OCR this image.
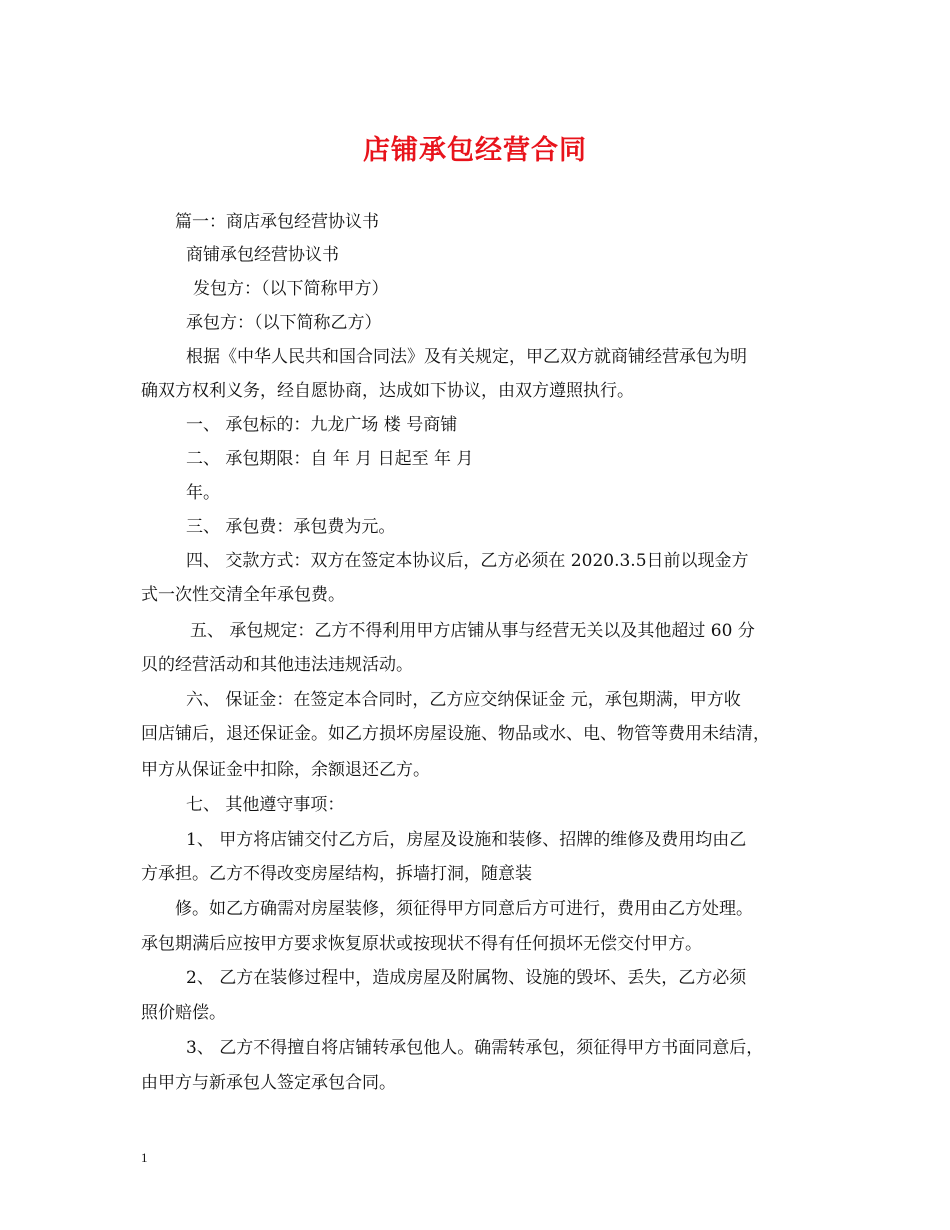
店铺承包经营合同
篇一：商店承包经营协议书
商铺承包经营协议书
发包方：（以下简称甲方）
承包方：（以下简称乙方）
根据《中华人民共和国合同法》及有关规定，甲乙双方就商铺经营承包为明
确双方权利义务，经自愿协商，达成如下协议，由双方遵照执行。
一、 承包标的：九龙广场 楼 号商铺
二、 承包期限：自 年 月 日起至 年 月
年。
三、 承包费：承包费为元。
四、 交款方式：双方在签定本协议后，乙方必须在 2020.3.5日前以现金方
式一次性交清全年承包费。
五、 承包规定：乙方不得利用甲方店铺从事与经营无关以及其他超过 60 分
贝的经营活动和其他违法违规活动。
六、 保证金：在签定本合同时，乙方应交纳保证金 元，承包期满，甲方收
回店铺后，退还保证金。如乙方损坏房屋设施、物品或水、电、物管等费用未结清，
甲方从保证金中扣除，余额退还乙方。
七、 其他遵守事项：
1、 甲方将店铺交付乙方后，房屋及设施和装修、招牌的维修及费用均由乙
方承担。乙方不得改变房屋结构，拆墙打洞，随意装
修。如乙方确需对房屋装修，须征得甲方同意后方可进行，费用由乙方处理。
承包期满后应按甲方要求恢复原状或按现状不得有任何损坏无偿交付甲方。
2、 乙方在装修过程中，造成房屋及附属物、设施的毁坏、丢失，乙方必须
照价赔偿。
3、 乙方不得擅自将店铺转承包他人。确需转承包，须征得甲方书面同意后，
由甲方与新承包人签定承包合同。
1
